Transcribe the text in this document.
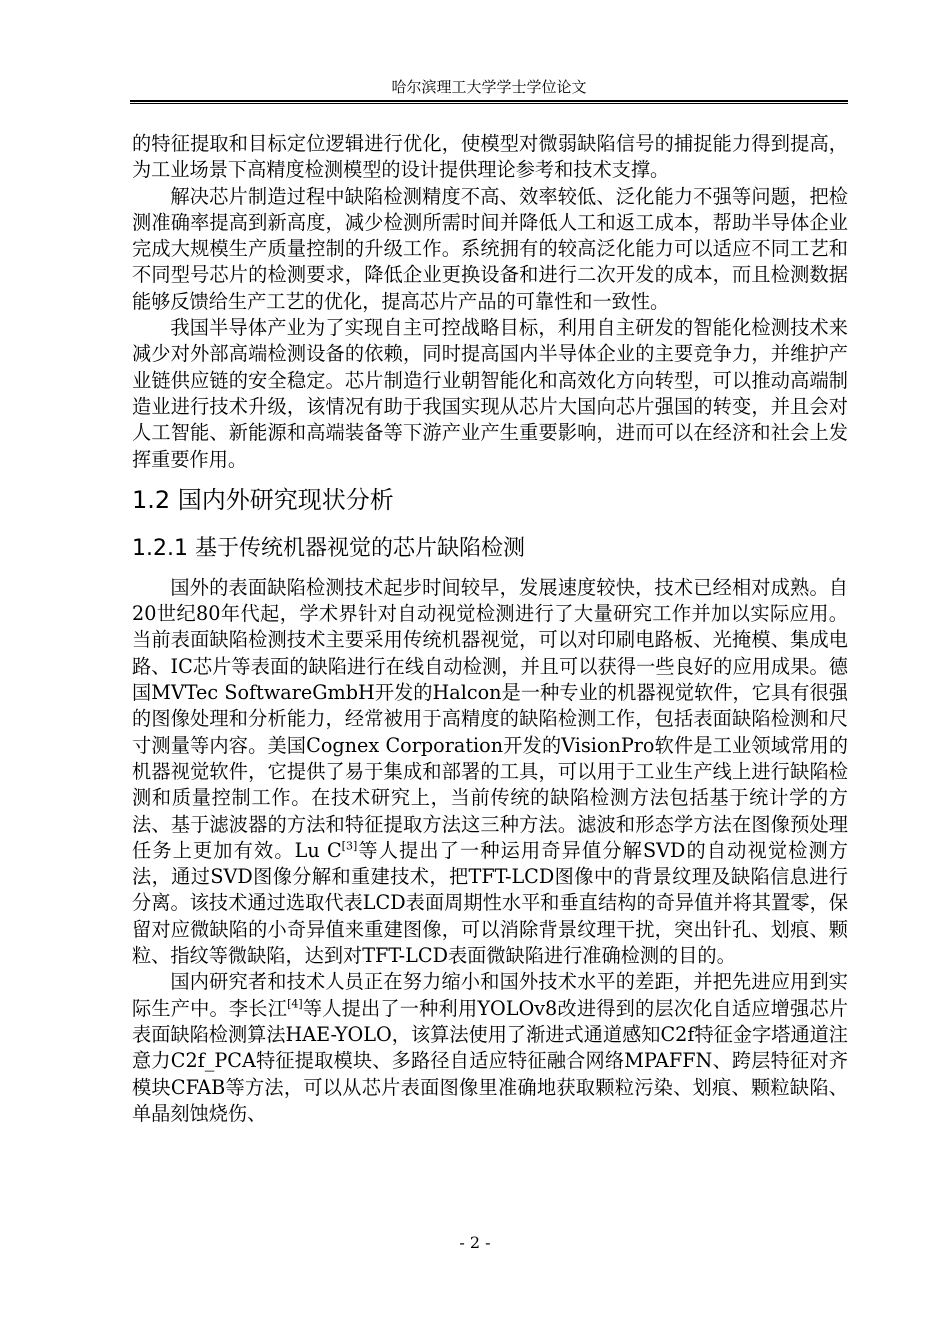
哈尔滨理工大学学士学位论文

的特征提取和目标定位逻辑进行优化，使模型对微弱缺陷信号的捕捉能力得到提高，为工业场景下高精度检测模型的设计提供理论参考和技术支撑。

解决芯片制造过程中缺陷检测精度不高、效率较低、泛化能力不强等问题，把检测准确率提高到新高度，减少检测所需时间并降低人工和返工成本，帮助半导体企业完成大规模生产质量控制的升级工作。系统拥有的较高泛化能力可以适应不同工艺和不同型号芯片的检测要求，降低企业更换设备和进行二次开发的成本，而且检测数据能够反馈给生产工艺的优化，提高芯片产品的可靠性和一致性。

我国半导体产业为了实现自主可控战略目标，利用自主研发的智能化检测技术来减少对外部高端检测设备的依赖，同时提高国内半导体企业的主要竞争力，并维护产业链供应链的安全稳定。芯片制造行业朝智能化和高效化方向转型，可以推动高端制造业进行技术升级，该情况有助于我国实现从芯片大国向芯片强国的转变，并且会对人工智能、新能源和高端装备等下游产业产生重要影响，进而可以在经济和社会上发挥重要作用。

1.2 国内外研究现状分析
1.2.1 基于传统机器视觉的芯片缺陷检测

国外的表面缺陷检测技术起步时间较早，发展速度较快，技术已经相对成熟。自20世纪80年代起，学术界针对自动视觉检测进行了大量研究工作并加以实际应用。当前表面缺陷检测技术主要采用传统机器视觉，可以对印刷电路板、光掩模、集成电路、IC芯片等表面的缺陷进行在线自动检测，并且可以获得一些良好的应用成果。德国MVTec SoftwareGmbH开发的Halcon是一种专业的机器视觉软件，它具有很强的图像处理和分析能力，经常被用于高精度的缺陷检测工作，包括表面缺陷检测和尺寸测量等内容。美国Cognex Corporation开发的VisionPro软件是工业领域常用的机器视觉软件，它提供了易于集成和部署的工具，可以用于工业生产线上进行缺陷检测和质量控制工作。在技术研究上，当前传统的缺陷检测方法包括基于统计学的方法、基于滤波器的方法和特征提取方法这三种方法。滤波和形态学方法在图像预处理任务上更加有效。Lu C[3]等人提出了一种运用奇异值分解SVD的自动视觉检测方法，通过SVD图像分解和重建技术，把TFT-LCD图像中的背景纹理及缺陷信息进行分离。该技术通过选取代表LCD表面周期性水平和垂直结构的奇异值并将其置零，保留对应微缺陷的小奇异值来重建图像，可以消除背景纹理干扰，突出针孔、划痕、颗粒、指纹等微缺陷，达到对TFT-LCD表面微缺陷进行准确检测的目的。

国内研究者和技术人员正在努力缩小和国外技术水平的差距，并把先进应用到实际生产中。李长江[4]等人提出了一种利用YOLOv8改进得到的层次化自适应增强芯片表面缺陷检测算法HAE-YOLO，该算法使用了渐进式通道感知C2f特征金字塔通道注意力C2f_PCA特征提取模块、多路径自适应特征融合网络MPAFFN、跨层特征对齐模块CFAB等方法，可以从芯片表面图像里准确地获取颗粒污染、划痕、颗粒缺陷、单晶刻蚀烧伤、

- 2 -
